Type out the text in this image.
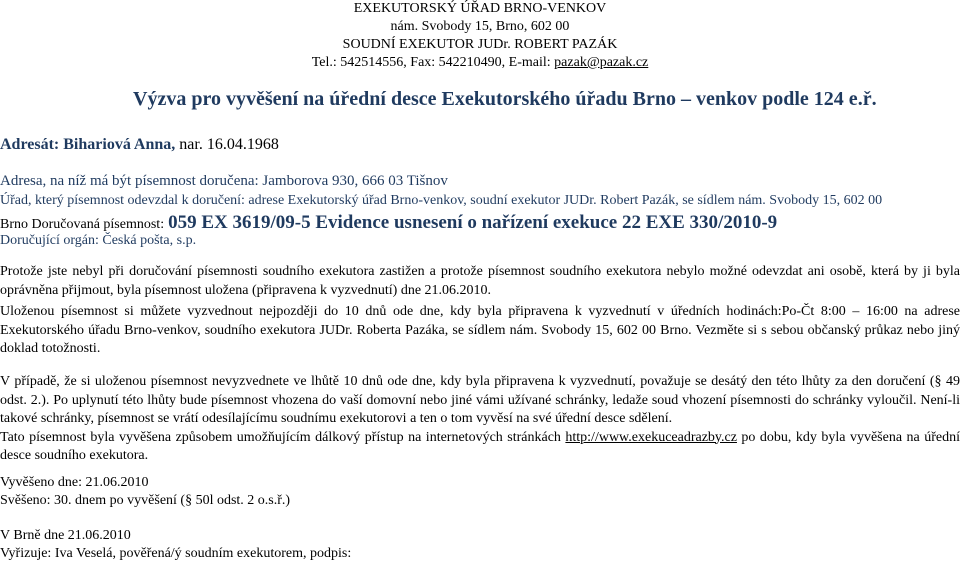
EXEKUTORSKÝ ÚŘAD BRNO-VENKOV
nám. Svobody 15, Brno, 602 00
SOUDNÍ EXEKUTOR JUDr. ROBERT PAZÁK
Tel.: 542514556, Fax: 542210490, E-mail: pazak@pazak.cz
Výzva pro vyvěšení na úřední desce Exekutorského úřadu Brno – venkov podle 124 e.ř.
Adresát: Bihariová Anna, nar. 16.04.1968
Adresa, na níž má být písemnost doručena: Jamborova 930, 666 03 Tišnov
Úřad, který písemnost odevzdal k doručení: adrese Exekutorský úřad Brno-venkov, soudní exekutor JUDr. Robert Pazák, se sídlem nám. Svobody 15, 602 00
Brno Doručovaná písemnost: 059 EX 3619/09-5 Evidence usnesení o nařízení exekuce 22 EXE 330/2010-9
Doručující orgán: Česká pošta, s.p.

Protože jste nebyl při doručování písemnosti soudního exekutora zastižen a protože písemnost soudního exekutora nebylo možné odevzdat ani osobě, která by ji byla oprávněna přijmout, byla písemnost uložena (připravena k vyzvednutí) dne 21.06.2010.

Uloženou písemnost si můžete vyzvednout nejpozději do 10 dnů ode dne, kdy byla připravena k vyzvednutí v úředních hodinách:Po-Čt 8:00 – 16:00 na adrese Exekutorského úřadu Brno-venkov, soudního exekutora JUDr. Roberta Pazáka, se sídlem nám. Svobody 15, 602 00 Brno. Vezměte si s sebou občanský průkaz nebo jiný doklad totožnosti.

V případě, že si uloženou písemnost nevyzvednete ve lhůtě 10 dnů ode dne, kdy byla připravena k vyzvednutí, považuje se desátý den této lhůty za den doručení (§ 49 odst. 2.). Po uplynutí této lhůty bude písemnost vhozena do vaší domovní nebo jiné vámi užívané schránky, ledaže soud vhození písemnosti do schránky vyloučil. Není-li takové schránky, písemnost se vrátí odesílajícímu soudnímu exekutorovi a ten o tom vyvěsí na své úřední desce sdělení.

Tato písemnost byla vyvěšena způsobem umožňujícím dálkový přístup na internetových stránkách http://www.exekuceadrazby.cz po dobu, kdy byla vyvěšena na úřední desce soudního exekutora.

Vyvěšeno dne: 21.06.2010
Svěšeno: 30. dnem po vyvěšení (§ 50l odst. 2 o.s.ř.)
V Brně dne 21.06.2010
Vyřizuje: Iva Veselá, pověřená/ý soudním exekutorem, podpis:
